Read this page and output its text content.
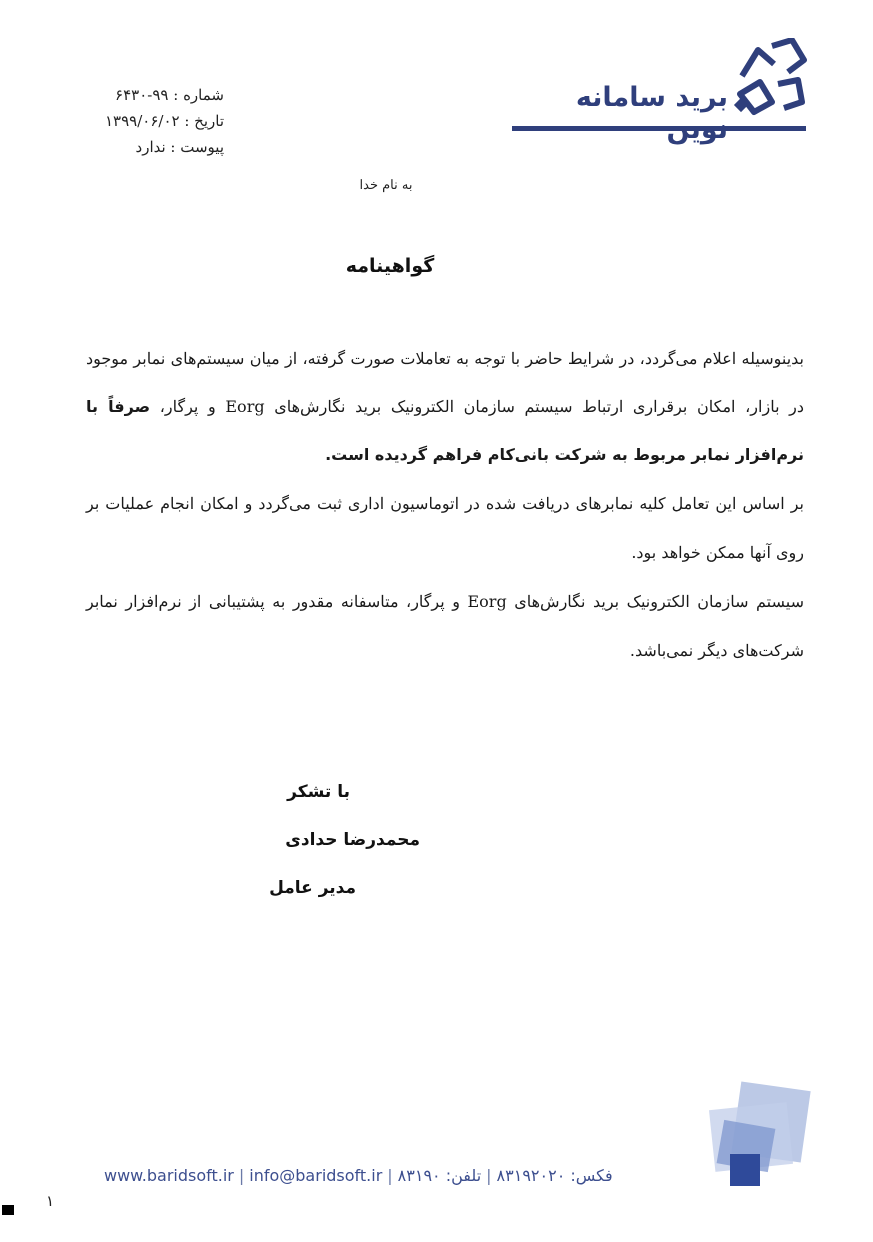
برید سامانه
شماره : ۹۹-۶۴۳۰
تاریخ : ۱۳۹۹/۰۶/۰۲
پیوست : ندارد
به نام خدا
گواهینامه

بدینوسیله اعلام می‌گردد، در شرایط حاضر با توجه به تعاملات صورت گرفته، از میان سیستم‌های نمابر موجود در بازار، امکان برقراری ارتباط سیستم سازمان الکترونیک برید نگارش‌های Eorg و پرگار، صرفاً با نرم‌افزار نمابر مربوط به شرکت بانی‌کام فراهم گردیده است.

بر اساس این تعامل کلیه نمابرهای دریافت شده در اتوماسیون اداری ثبت می‌گردد و امکان انجام عملیات بر روی آنها ممکن خواهد بود.

سیستم سازمان الکترونیک برید نگارش‌های Eorg و پرگار، متاسفانه مقدور به پشتیبانی از نرم‌افزار نمابر شرکت‌های دیگر نمی‌باشد.

با تشکر
محمدرضا حدادی
مدیر عامل
www.baridsoft.ir | info@baridsoft.ir |	فکس: ۸۳۱۹۲۰۲۰|تلفن: ۸۳۱۹۰
۱
